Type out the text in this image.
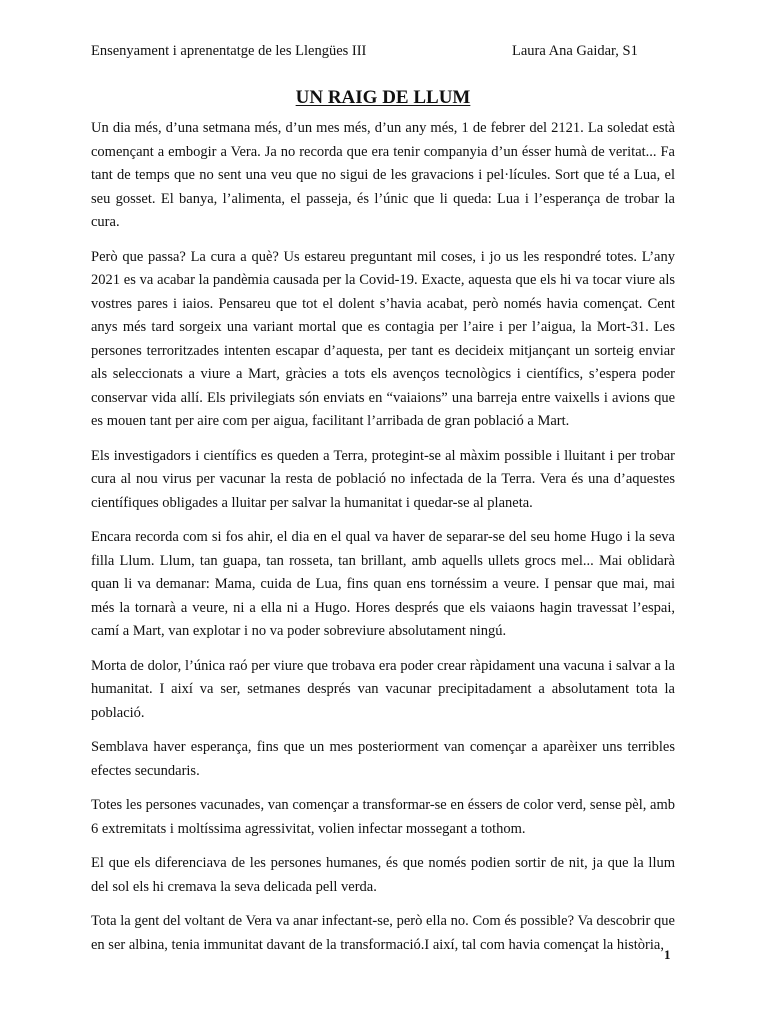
Ensenyament i aprenentatge de les Llengües III	Laura Ana Gaidar, S1
UN RAIG DE LLUM

Un dia més, d’una setmana més, d’un mes més, d’un any més, 1 de febrer del 2121. La soledat està començant a embogir a Vera. Ja no recorda que era tenir companyia d’un ésser humà de veritat... Fa tant de temps que no sent una veu que no sigui de les gravacions i pel·lícules. Sort que té a Lua, el seu gosset. El banya, l’alimenta, el passeja, és l’únic que li queda: Lua i l’esperança de trobar la cura.

Però que passa? La cura a què? Us estareu preguntant mil coses, i jo us les respondré totes. L’any 2021 es va acabar la pandèmia causada per la Covid-19. Exacte, aquesta que els hi va tocar viure als vostres pares i iaios. Pensareu que tot el dolent s’havia acabat, però només havia començat. Cent anys més tard sorgeix una variant mortal que es contagia per l’aire i per l’aigua, la Mort-31. Les persones terroritzades intenten escapar d’aquesta, per tant es decideix mitjançant un sorteig enviar als seleccionats a viure a Mart, gràcies a tots els avenços tecnològics i científics, s’espera poder conservar vida allí. Els privilegiats són enviats en “vaiaions” una barreja entre vaixells i avions que es mouen tant per aire com per aigua, facilitant l’arribada de gran població a Mart.

Els investigadors i científics es queden a Terra, protegint-se al màxim possible i lluitant i per trobar cura al nou virus per vacunar la resta de població no infectada de la Terra. Vera és una d’aquestes científiques obligades a lluitar per salvar la humanitat i quedar-se al planeta.

Encara recorda com si fos ahir, el dia en el qual va haver de separar-se del seu home Hugo i la seva filla Llum. Llum, tan guapa, tan rosseta, tan brillant, amb aquells ullets grocs mel... Mai oblidarà quan li va demanar: Mama, cuida de Lua, fins quan ens tornéssim a veure. I pensar que mai, mai més la tornarà a veure, ni a ella ni a Hugo. Hores després que els vaiaons hagin travessat l’espai, camí a Mart, van explotar i no va poder sobreviure absolutament ningú.

Morta de dolor, l’única raó per viure que trobava era poder crear ràpidament una vacuna i salvar a la humanitat. I així va ser, setmanes després van vacunar precipitadament a absolutament tota la població.

Semblava haver esperança, fins que un mes posteriorment van començar a aparèixer uns terribles efectes secundaris.

Totes les persones vacunades, van començar a transformar-se en éssers de color verd, sense pèl, amb 6 extremitats i moltíssima agressivitat, volien infectar mossegant a tothom.

El que els diferenciava de les persones humanes, és que només podien sortir de nit, ja que la llum del sol els hi cremava la seva delicada pell verda.

Tota la gent del voltant de Vera va anar infectant-se, però ella no. Com és possible? Va descobrir que en ser albina, tenia immunitat davant de la transformació.I així, tal com havia començat la història,

1
